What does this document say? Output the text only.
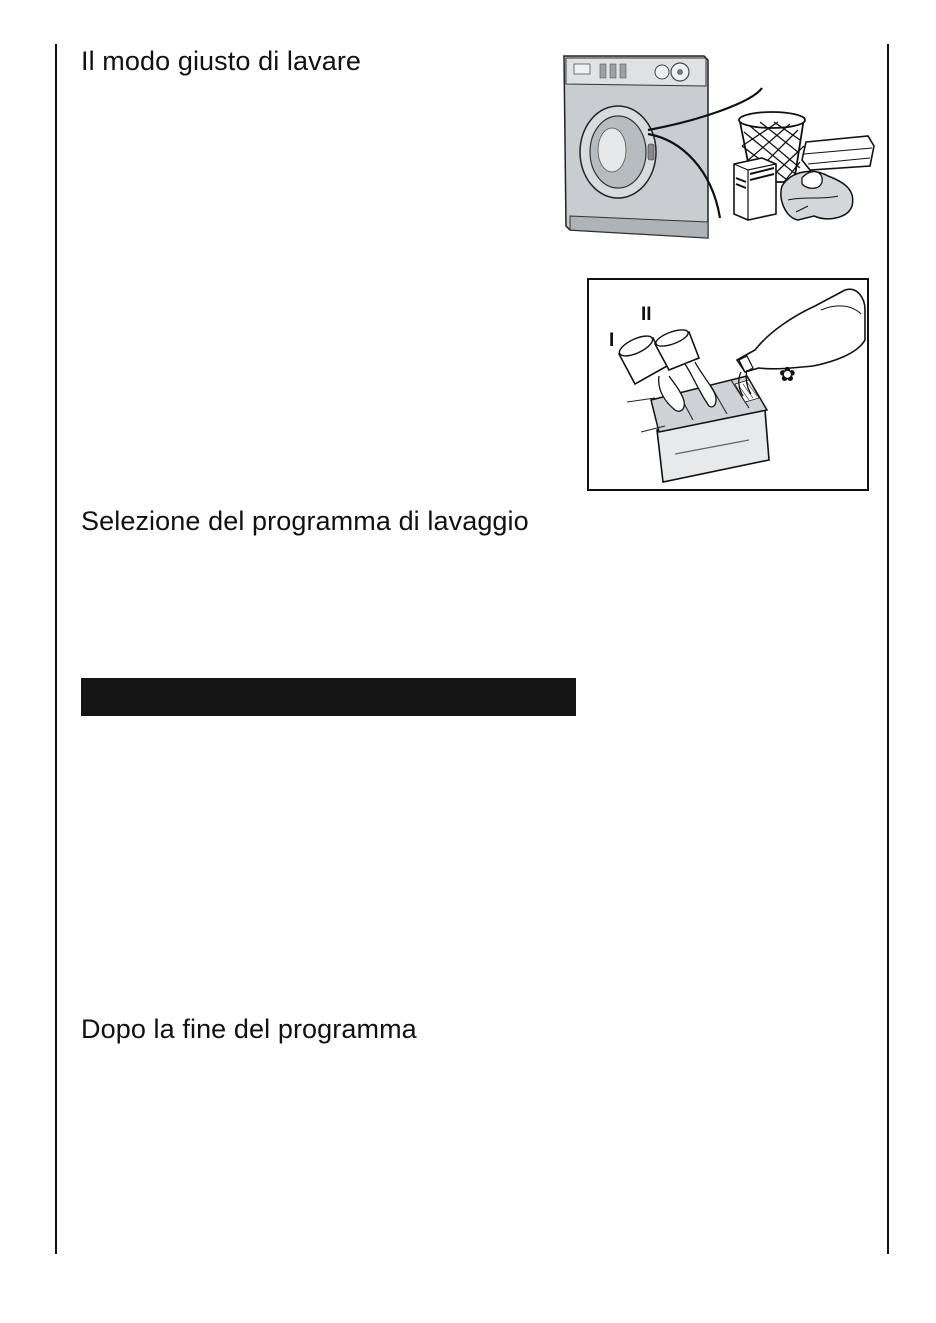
Il modo giusto di lavare
II
I
✿
Selezione del programma di lavaggio
Dopo la fine del programma
